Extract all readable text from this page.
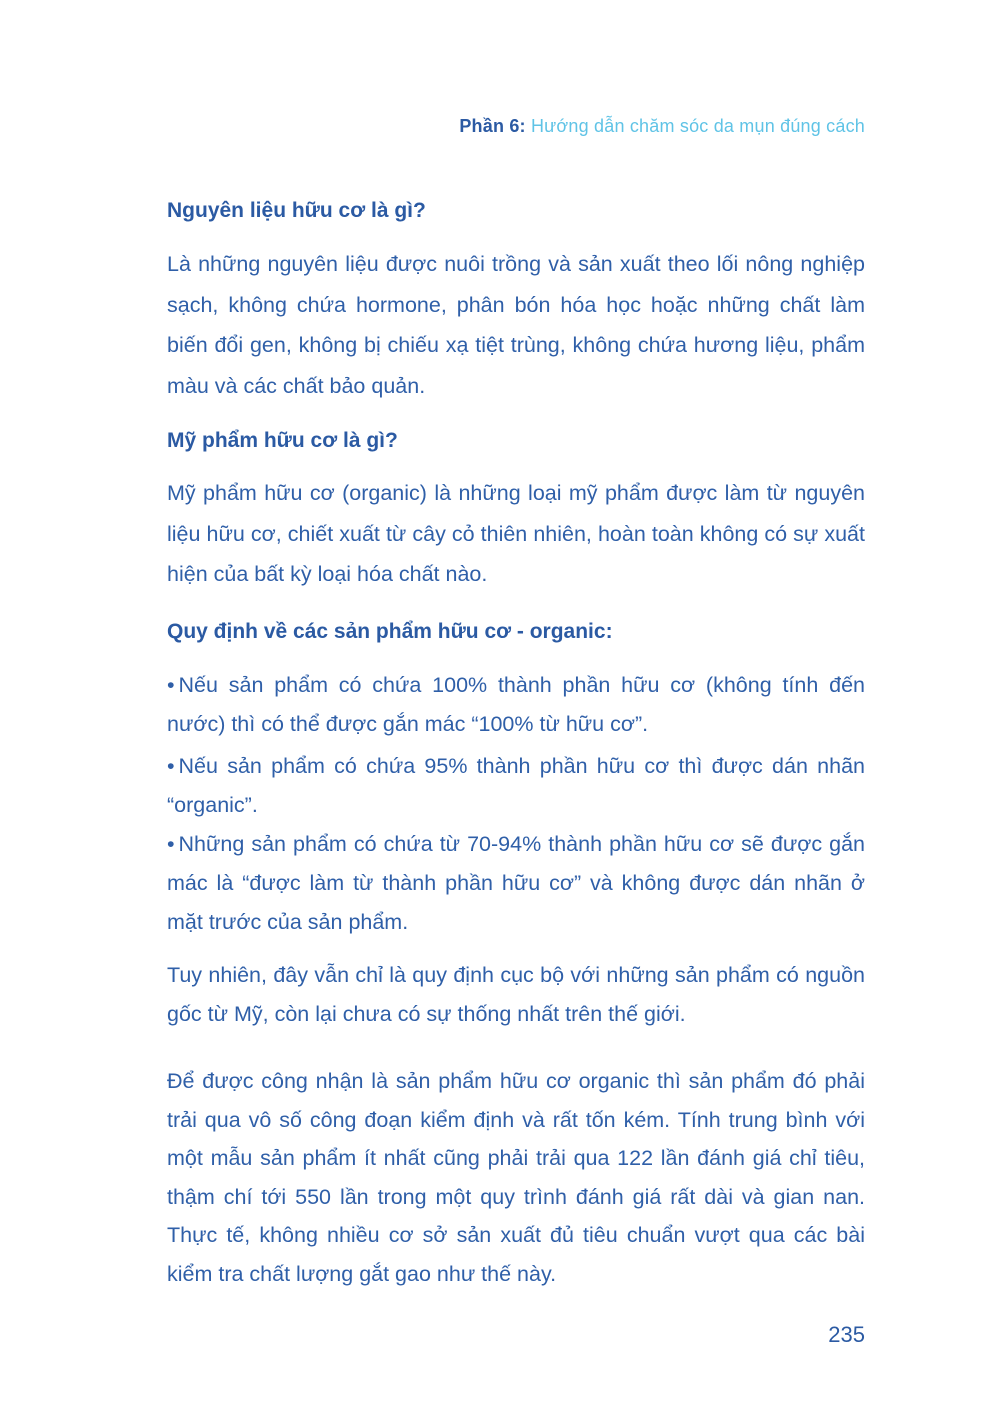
Phần 6: Hướng dẫn chăm sóc da mụn đúng cách
Nguyên liệu hữu cơ là gì?
Là những nguyên liệu được nuôi trồng và sản xuất theo lối nông nghiệp sạch, không chứa hormone, phân bón hóa học hoặc những chất làm biến đổi gen, không bị chiếu xạ tiệt trùng, không chứa hương liệu, phẩm màu và các chất bảo quản.
Mỹ phẩm hữu cơ là gì?
Mỹ phẩm hữu cơ (organic) là những loại mỹ phẩm được làm từ nguyên liệu hữu cơ, chiết xuất từ cây cỏ thiên nhiên, hoàn toàn không có sự xuất hiện của bất kỳ loại hóa chất nào.
Quy định về các sản phẩm hữu cơ - organic:
• Nếu sản phẩm có chứa 100% thành phần hữu cơ (không tính đến nước) thì có thể được gắn mác “100% từ hữu cơ”.
• Nếu sản phẩm có chứa 95% thành phần hữu cơ thì được dán nhãn “organic”.
• Những sản phẩm có chứa từ 70-94% thành phần hữu cơ sẽ được gắn mác là “được làm từ thành phần hữu cơ” và không được dán nhãn ở mặt trước của sản phẩm.
Tuy nhiên, đây vẫn chỉ là quy định cục bộ với những sản phẩm có nguồn gốc từ Mỹ, còn lại chưa có sự thống nhất trên thế giới.
Để được công nhận là sản phẩm hữu cơ organic thì sản phẩm đó phải trải qua vô số công đoạn kiểm định và rất tốn kém. Tính trung bình với một mẫu sản phẩm ít nhất cũng phải trải qua 122 lần đánh giá chỉ tiêu, thậm chí tới 550 lần trong một quy trình đánh giá rất dài và gian nan. Thực tế, không nhiều cơ sở sản xuất đủ tiêu chuẩn vượt qua các bài kiểm tra chất lượng gắt gao như thế này.
235
